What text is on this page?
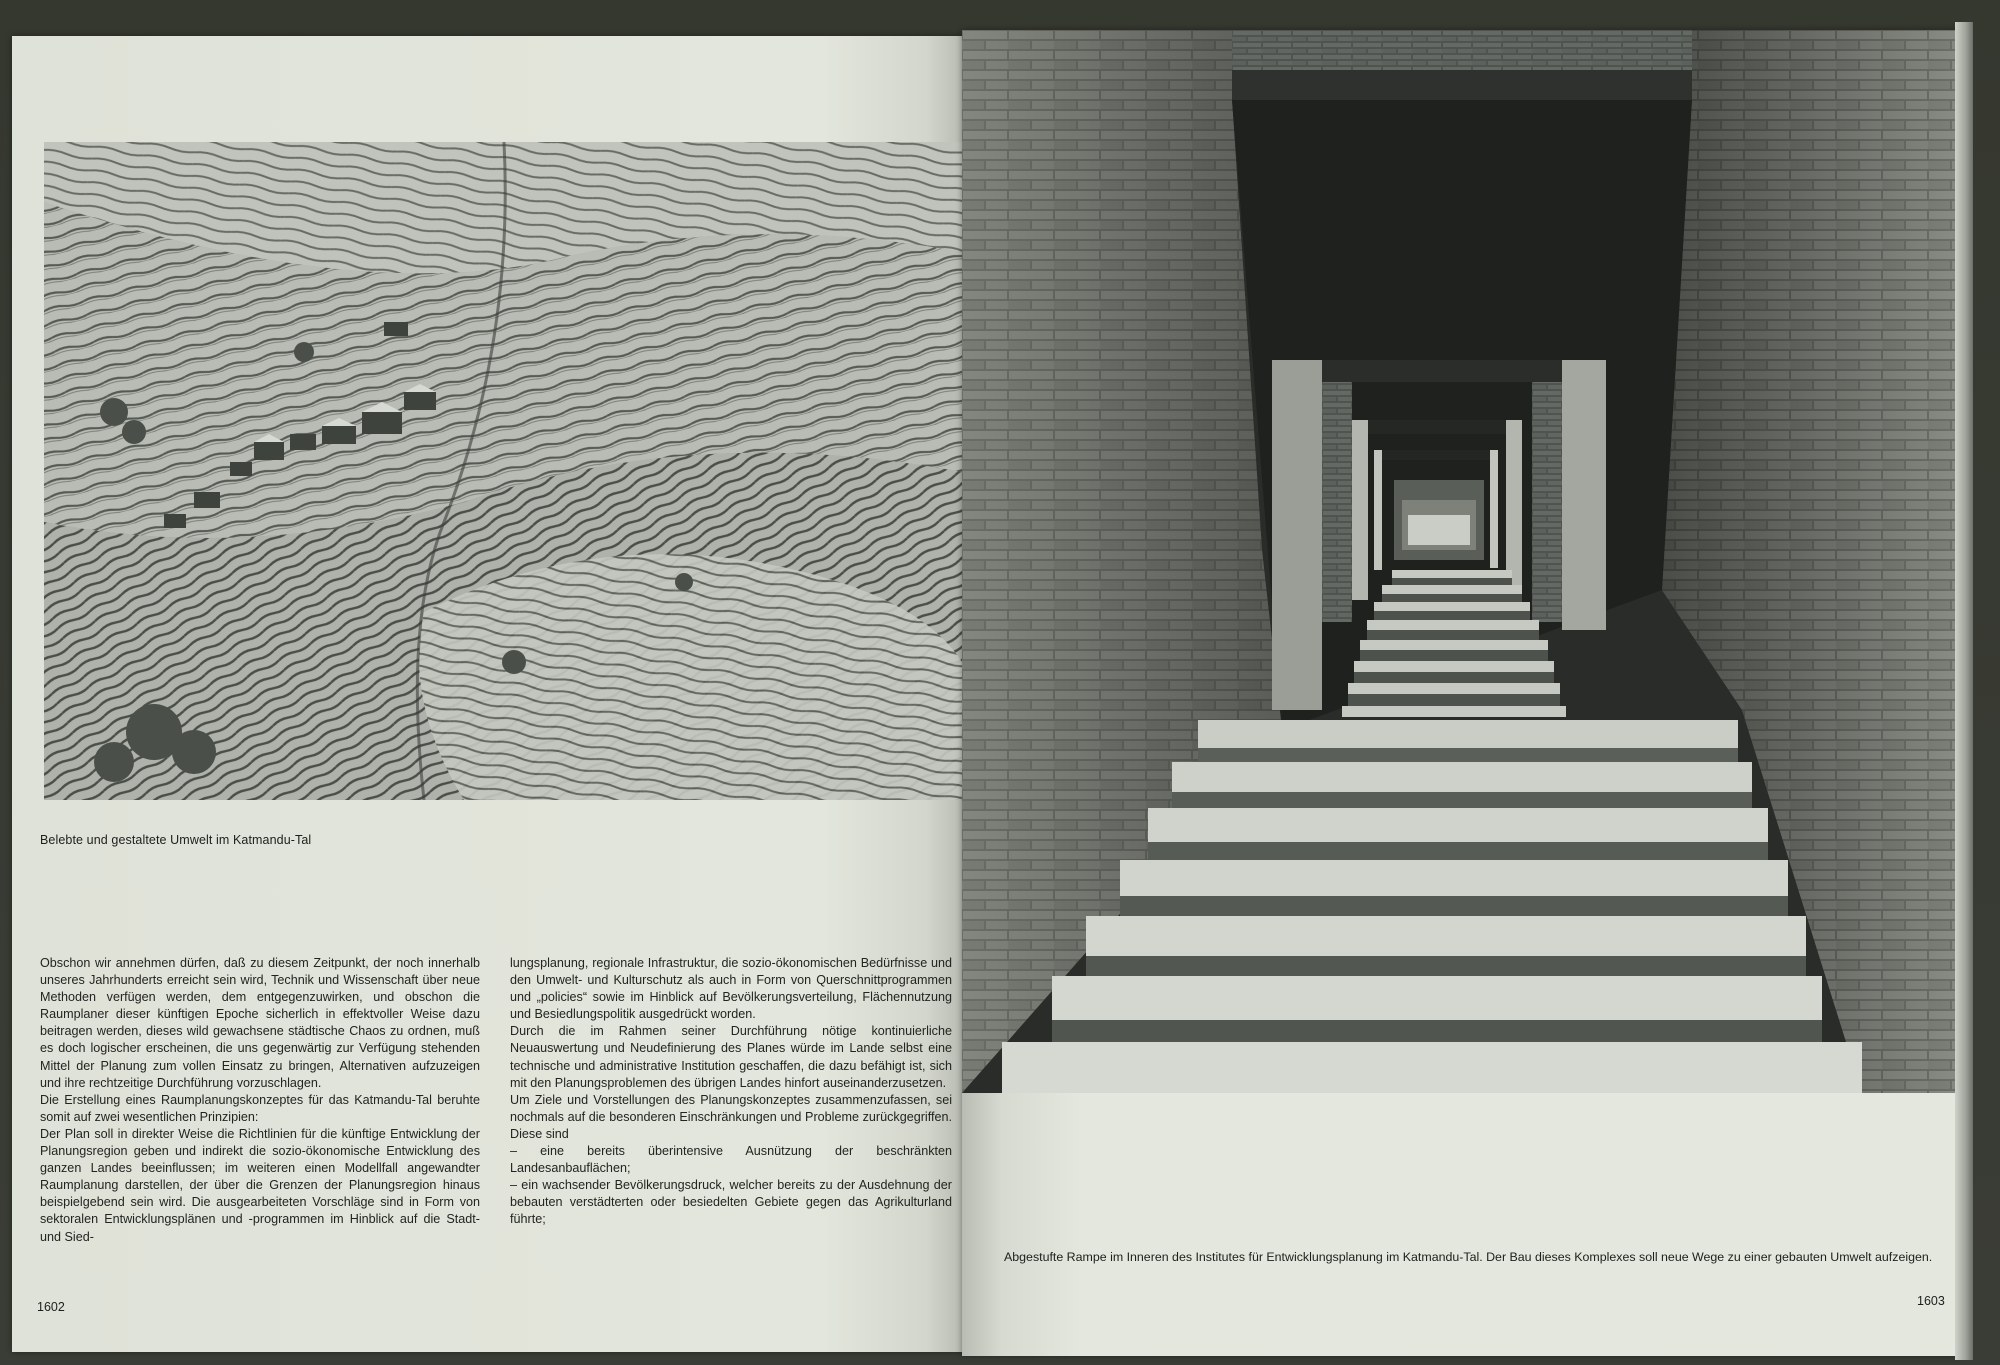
Belebte und gestaltete Umwelt im Katmandu-Tal

Obschon wir annehmen dürfen, daß zu diesem Zeitpunkt, der noch innerhalb unseres Jahrhunderts erreicht sein wird, Technik und Wissenschaft über neue Methoden verfügen werden, dem entgegenzuwirken, und obschon die Raumplaner dieser künftigen Epoche sicherlich in effektvoller Weise dazu beitragen werden, dieses wild gewachsene städtische Chaos zu ordnen, muß es doch logischer erscheinen, die uns gegenwärtig zur Verfügung stehenden Mittel der Planung zum vollen Einsatz zu bringen, Alternativen aufzuzeigen und ihre rechtzeitige Durchführung vorzuschlagen.

Die Erstellung eines Raumplanungskonzeptes für das Katmandu-Tal beruhte somit auf zwei wesentlichen Prinzipien:

Der Plan soll in direkter Weise die Richtlinien für die künftige Entwicklung der Planungsregion geben und indirekt die sozio-ökonomische Entwicklung des ganzen Landes beeinflussen; im weiteren einen Modellfall angewandter Raumplanung darstellen, der über die Grenzen der Planungsregion hinaus beispielgebend sein wird. Die ausgearbeiteten Vorschläge sind in Form von sektoralen Entwicklungsplänen und -programmen im Hinblick auf die Stadt- und Sied-

lungsplanung, regionale Infrastruktur, die sozio-ökonomischen Bedürfnisse und den Umwelt- und Kulturschutz als auch in Form von Querschnittprogrammen und „policies“ sowie im Hinblick auf Bevölkerungsverteilung, Flächennutzung und Besiedlungspolitik ausgedrückt worden.

Durch die im Rahmen seiner Durchführung nötige kontinuierliche Neuauswertung und Neudefinierung des Planes würde im Lande selbst eine technische und administrative Institution geschaffen, die dazu befähigt ist, sich mit den Planungsproblemen des übrigen Landes hinfort auseinanderzusetzen.

Um Ziele und Vorstellungen des Planungskonzeptes zusammenzufassen, sei nochmals auf die besonderen Einschränkungen und Probleme zurückgegriffen. Diese sind

– eine bereits überintensive Ausnützung der beschränkten Landesanbauflächen;

– ein wachsender Bevölkerungsdruck, welcher bereits zu der Ausdehnung der bebauten verstädterten oder besiedelten Gebiete gegen das Agrikulturland führte;

1602
Abgestufte Rampe im Inneren des Institutes für Entwicklungsplanung im Katmandu-Tal. Der Bau dieses Komplexes soll neue Wege zu einer gebauten Umwelt aufzeigen.
1603
